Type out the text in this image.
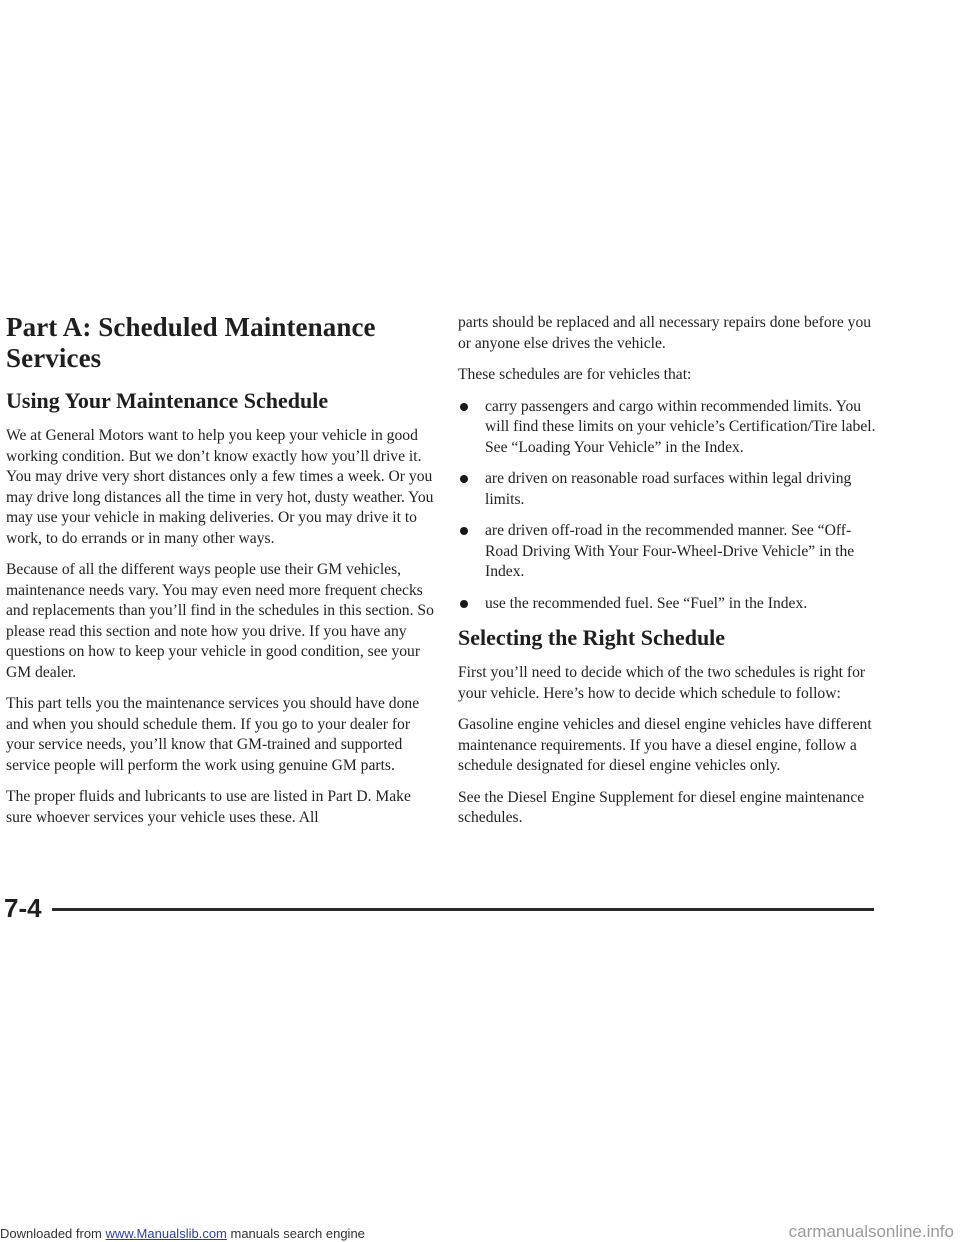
Part A: Scheduled Maintenance Services
Using Your Maintenance Schedule

We at General Motors want to help you keep your vehicle in good working condition. But we don’t know exactly how you’ll drive it. You may drive very short distances only a few times a week. Or you may drive long distances all the time in very hot, dusty weather. You may use your vehicle in making deliveries. Or you may drive it to work, to do errands or in many other ways.

Because of all the different ways people use their GM vehicles, maintenance needs vary. You may even need more frequent checks and replacements than you’ll find in the schedules in this section. So please read this section and note how you drive. If you have any questions on how to keep your vehicle in good condition, see your GM dealer.

This part tells you the maintenance services you should have done and when you should schedule them. If you go to your dealer for your service needs, you’ll know that GM-trained and supported service people will perform the work using genuine GM parts.

The proper fluids and lubricants to use are listed in Part D. Make sure whoever services your vehicle uses these. All

parts should be replaced and all necessary repairs done before you or anyone else drives the vehicle.

These schedules are for vehicles that:

carry passengers and cargo within recommended limits. You will find these limits on your vehicle’s Certification/Tire label. See “Loading Your Vehicle” in the Index.
are driven on reasonable road surfaces within legal driving limits.
are driven off-road in the recommended manner. See “Off-Road Driving With Your Four-Wheel-Drive Vehicle” in the Index.
use the recommended fuel. See “Fuel” in the Index.
Selecting the Right Schedule

First you’ll need to decide which of the two schedules is right for your vehicle. Here’s how to decide which schedule to follow:

Gasoline engine vehicles and diesel engine vehicles have different maintenance requirements. If you have a diesel engine, follow a schedule designated for diesel engine vehicles only.

See the Diesel Engine Supplement for diesel engine maintenance schedules.

7-4
Downloaded from www.Manualslib.com manuals search engine	carmanualsonline.info
